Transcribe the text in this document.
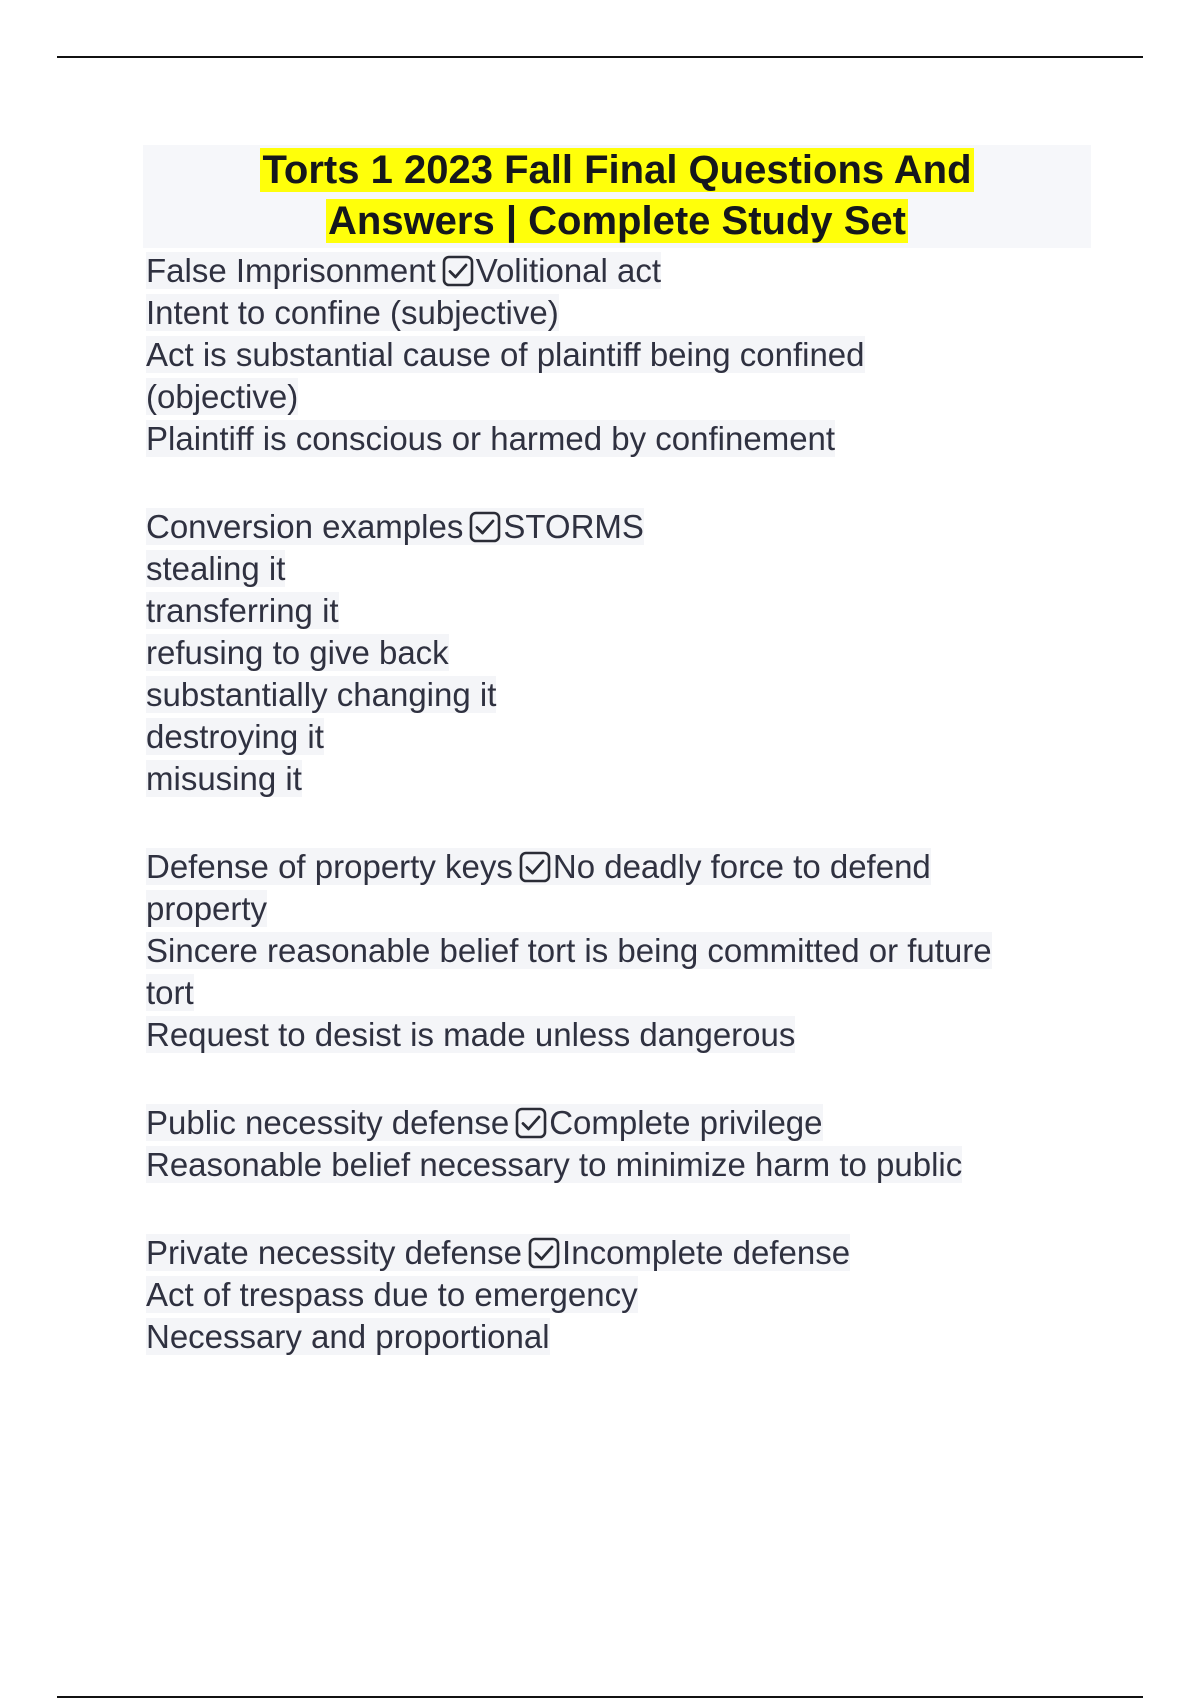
Torts 1 2023 Fall Final Questions And
Answers | Complete Study Set
False Imprisonment Volitional act
Intent to confine (subjective)
Act is substantial cause of plaintiff being confined
(objective)
Plaintiff is conscious or harmed by confinement
Conversion examples STORMS
stealing it
transferring it
refusing to give back
substantially changing it
destroying it
misusing it
Defense of property keys No deadly force to defend
property
Sincere reasonable belief tort is being committed or future
tort
Request to desist is made unless dangerous
Public necessity defense Complete privilege
Reasonable belief necessary to minimize harm to public
Private necessity defense Incomplete defense
Act of trespass due to emergency
Necessary and proportional
